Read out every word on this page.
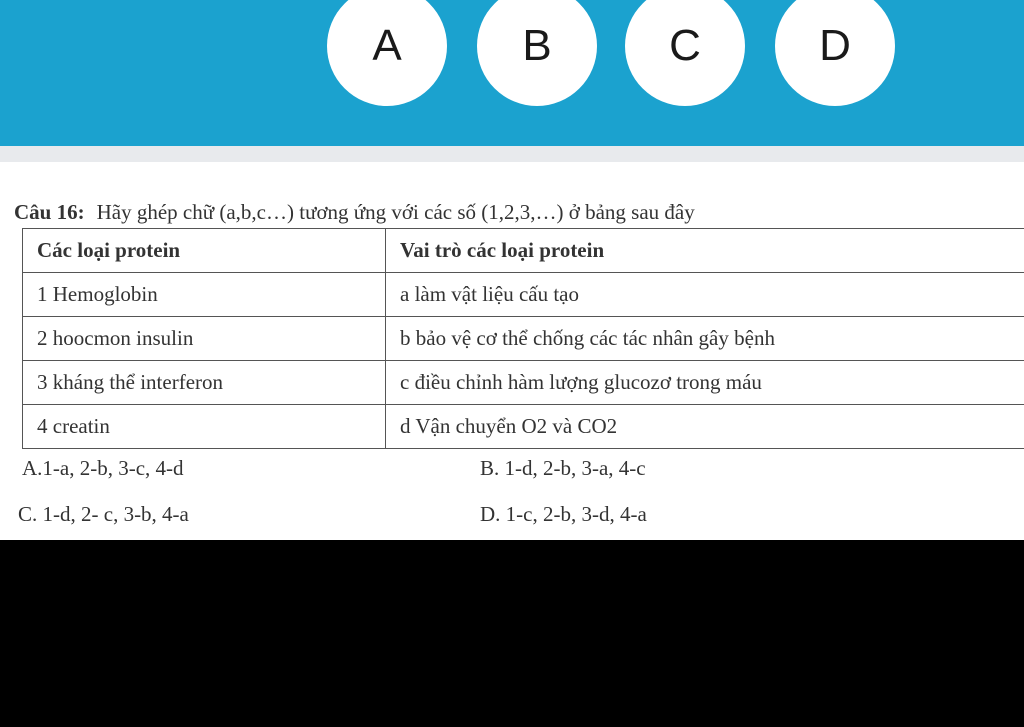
A	B	C	D
Câu 16: Hãy ghép chữ (a,b,c…) tương ứng với các số (1,2,3,…) ở bảng sau đây
Các loại protein	Vai trò các loại protein
1 Hemoglobin	a làm vật liệu cấu tạo
2 hoocmon insulin	b bảo vệ cơ thể chống các tác nhân gây bệnh
3 kháng thể interferon	c điều chỉnh hàm lượng glucozơ trong máu
4 creatin	d Vận chuyển O2 và CO2
A.1-a, 2-b, 3-c, 4-d	B. 1-d, 2-b, 3-a, 4-c
C. 1-d, 2- c, 3-b, 4-a	D. 1-c, 2-b, 3-d, 4-a
